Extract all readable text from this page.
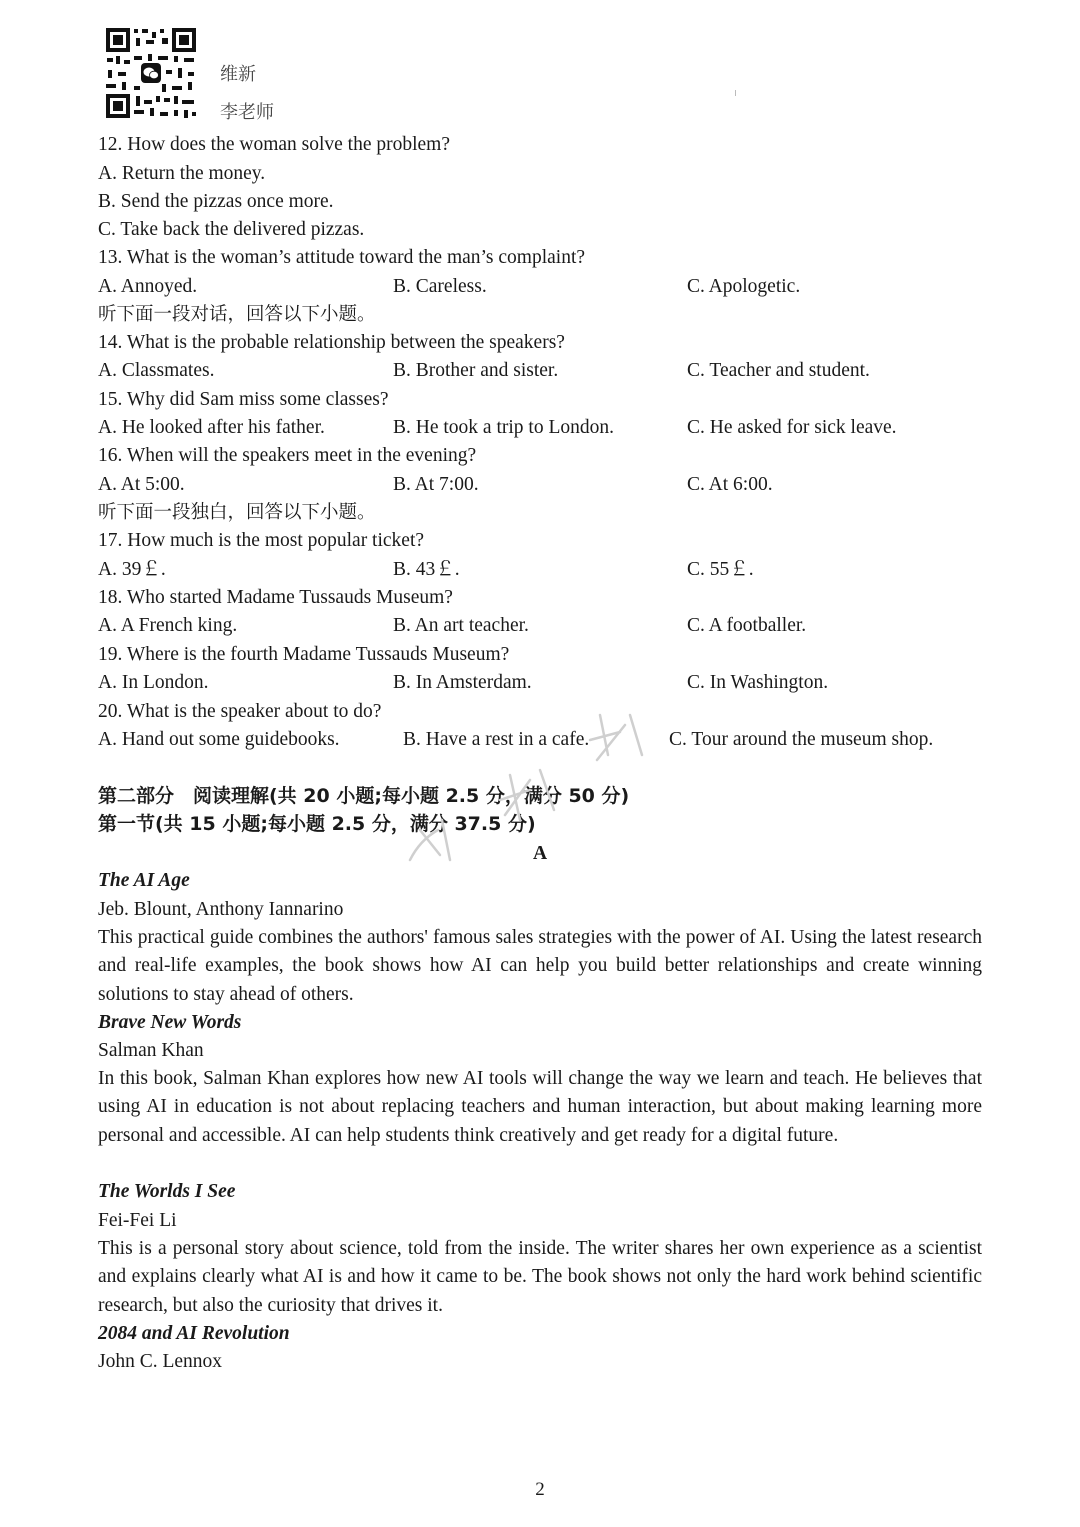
维新
李老师
12. How does the woman solve the problem?
A. Return the money.
B. Send the pizzas once more.
C. Take back the delivered pizzas.
13. What is the woman’s attitude toward the man’s complaint?
A. Annoyed.	B. Careless.	C. Apologetic.
听下面一段对话，回答以下小题。
14. What is the probable relationship between the speakers?
A. Classmates.	B. Brother and sister.	C. Teacher and student.
15. Why did Sam miss some classes?
A. He looked after his father.	B. He took a trip to London.	C. He asked for sick leave.
16. When will the speakers meet in the evening?
A. At 5:00.	B. At 7:00.	C. At 6:00.
听下面一段独白，回答以下小题。
17. How much is the most popular ticket?
A. 39￡.	B. 43￡.	C. 55￡.
18. Who started Madame Tussauds Museum?
A. A French king.	B. An art teacher.	C. A footballer.
19. Where is the fourth Madame Tussauds Museum?
A. In London.	B. In Amsterdam.	C. In Washington.
20. What is the speaker about to do?
A. Hand out some guidebooks.	B. Have a rest in a cafe.	C. Tour around the museum shop.
第二部分　阅读理解(共 20 小题;每小题 2.5 分，满分 50 分)
第一节(共 15 小题;每小题 2.5 分，满分 37.5 分)
A
The AI Age
Jeb. Blount, Anthony Iannarino
This practical guide combines the authors' famous sales strategies with the power of AI. Using the latest research and real-life examples, the book shows how AI can help you build better relationships and create winning solutions to stay ahead of others.
Brave New Words
Salman Khan
In this book, Salman Khan explores how new AI tools will change the way we learn and teach. He believes that using AI in education is not about replacing teachers and human interaction, but about making learning more personal and accessible. AI can help students think creatively and get ready for a digital future.
The Worlds I See
Fei-Fei Li
This is a personal story about science, told from the inside. The writer shares her own experience as a scientist and explains clearly what AI is and how it came to be. The book shows not only the hard work behind scientific research, but also the curiosity that drives it.
2084 and AI Revolution
John C. Lennox
2
